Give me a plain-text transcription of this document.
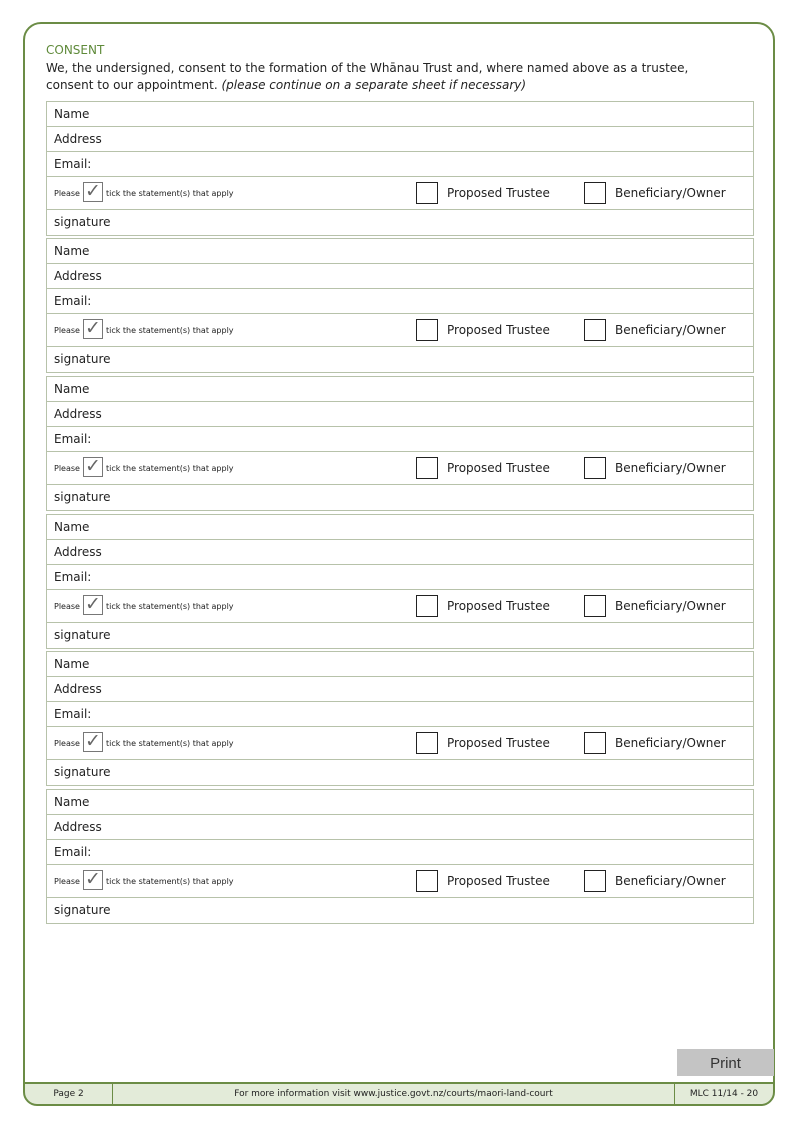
CONSENT
We, the undersigned, consent to the formation of the Whānau Trust and, where named above as a trustee,
consent to our appointment. (please continue on a separate sheet if necessary)
Name
Address
Email:
Please ✓ tick the statement(s) that apply	Proposed Trustee	Beneficiary/Owner
signature
Name
Address
Email:
Please ✓ tick the statement(s) that apply	Proposed Trustee	Beneficiary/Owner
signature
Name
Address
Email:
Please ✓ tick the statement(s) that apply	Proposed Trustee	Beneficiary/Owner
signature
Name
Address
Email:
Please ✓ tick the statement(s) that apply	Proposed Trustee	Beneficiary/Owner
signature
Name
Address
Email:
Please ✓ tick the statement(s) that apply	Proposed Trustee	Beneficiary/Owner
signature
Name
Address
Email:
Please ✓ tick the statement(s) that apply	Proposed Trustee	Beneficiary/Owner
signature
Print
Page 2	For more information visit www.justice.govt.nz/courts/maori-land-court	MLC 11/14 - 20
